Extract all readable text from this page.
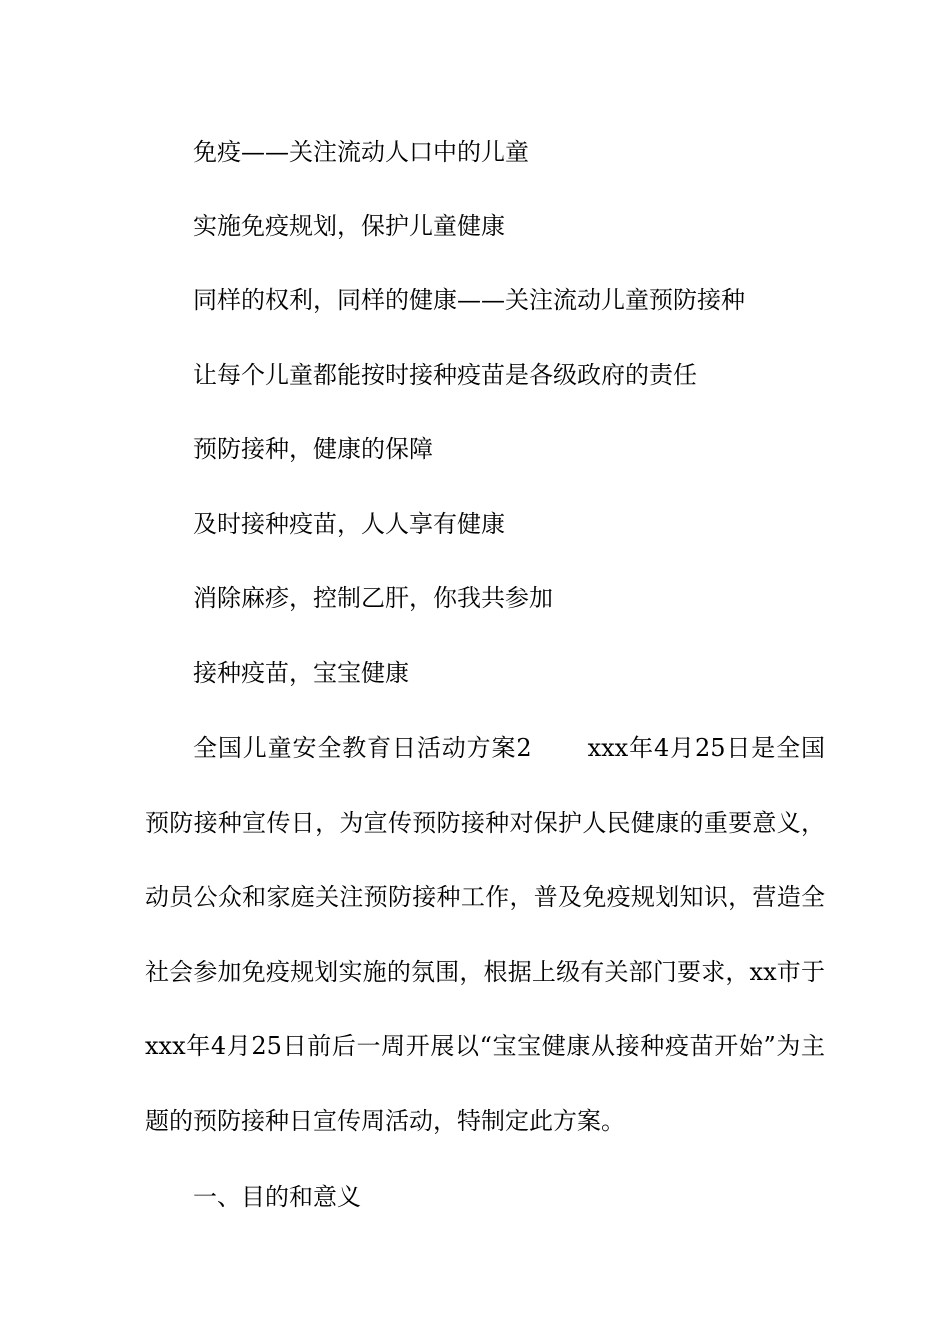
免疫——关注流动人口中的儿童
实施免疫规划，保护儿童健康
同样的权利，同样的健康——关注流动儿童预防接种
让每个儿童都能按时接种疫苗是各级政府的责任
预防接种，健康的保障
及时接种疫苗，人人享有健康
消除麻疹，控制乙肝，你我共参加
接种疫苗，宝宝健康
全国儿童安全教育日活动方案2 xxx年4月25日是全国预防接种宣传日，为宣传预防接种对保护人民健康的重要意义，动员公众和家庭关注预防接种工作，普及免疫规划知识，营造全社会参加免疫规划实施的氛围，根据上级有关部门要求，xx市于xxx年4月25日前后一周开展以“宝宝健康从接种疫苗开始”为主题的预防接种日宣传周活动，特制定此方案。
一、目的和意义
